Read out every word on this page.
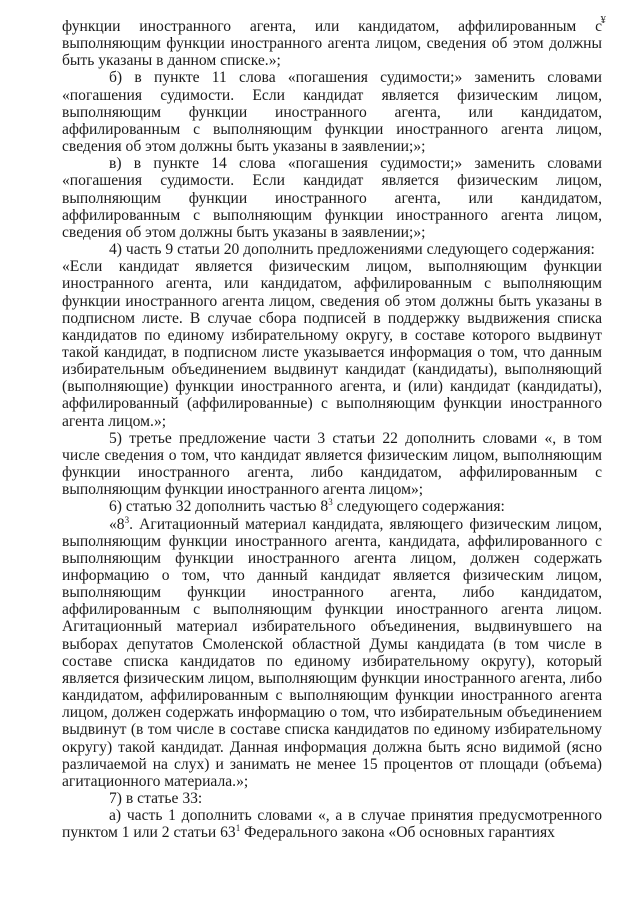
¥

функции иностранного агента, или кандидатом, аффилированным с выполняющим функции иностранного агента лицом, сведения об этом должны быть указаны в данном списке.»;

б) в пункте 11 слова «погашения судимости;» заменить словами «погашения судимости. Если кандидат является физическим лицом, выполняющим функции иностранного агента, или кандидатом, аффилированным с выполняющим функции иностранного агента лицом, сведения об этом должны быть указаны в заявлении;»;

в) в пункте 14 слова «погашения судимости;» заменить словами «погашения судимости. Если кандидат является физическим лицом, выполняющим функции иностранного агента, или кандидатом, аффилированным с выполняющим функции иностранного агента лицом, сведения об этом должны быть указаны в заявлении;»;

4) часть 9 статьи 20 дополнить предложениями следующего содержания:

«Если кандидат является физическим лицом, выполняющим функции иностранного агента, или кандидатом, аффилированным с выполняющим функции иностранного агента лицом, сведения об этом должны быть указаны в подписном листе. В случае сбора подписей в поддержку выдвижения списка кандидатов по единому избирательному округу, в составе которого выдвинут такой кандидат, в подписном листе указывается информация о том, что данным избирательным объединением выдвинут кандидат (кандидаты), выполняющий (выполняющие) функции иностранного агента, и (или) кандидат (кандидаты), аффилированный (аффилированные) с выполняющим функции иностранного агента лицом.»;

5) третье предложение части 3 статьи 22 дополнить словами «, в том числе сведения о том, что кандидат является физическим лицом, выполняющим функции иностранного агента, либо кандидатом, аффилированным с выполняющим функции иностранного агента лицом»;

6) статью 32 дополнить частью $8^3$ следующего содержания:

«$8^3$. Агитационный материал кандидата, являющего физическим лицом, выполняющим функции иностранного агента, кандидата, аффилированного с выполняющим функции иностранного агента лицом, должен содержать информацию о том, что данный кандидат является физическим лицом, выполняющим функции иностранного агента, либо кандидатом, аффилированным с выполняющим функции иностранного агента лицом. Агитационный материал избирательного объединения, выдвинувшего на выборах депутатов Смоленской областной Думы кандидата (в том числе в составе списка кандидатов по единому избирательному округу), который является физическим лицом, выполняющим функции иностранного агента, либо кандидатом, аффилированным с выполняющим функции иностранного агента лицом, должен содержать информацию о том, что избирательным объединением выдвинут (в том числе в составе списка кандидатов по единому избирательному округу) такой кандидат. Данная информация должна быть ясно видимой (ясно различаемой на слух) и занимать не менее 15 процентов от площади (объема) агитационного материала.»;

7) в статье 33:

а) часть 1 дополнить словами «, а в случае принятия предусмотренного пунктом 1 или 2 статьи $63^1$ Федерального закона «Об основных гарантиях
